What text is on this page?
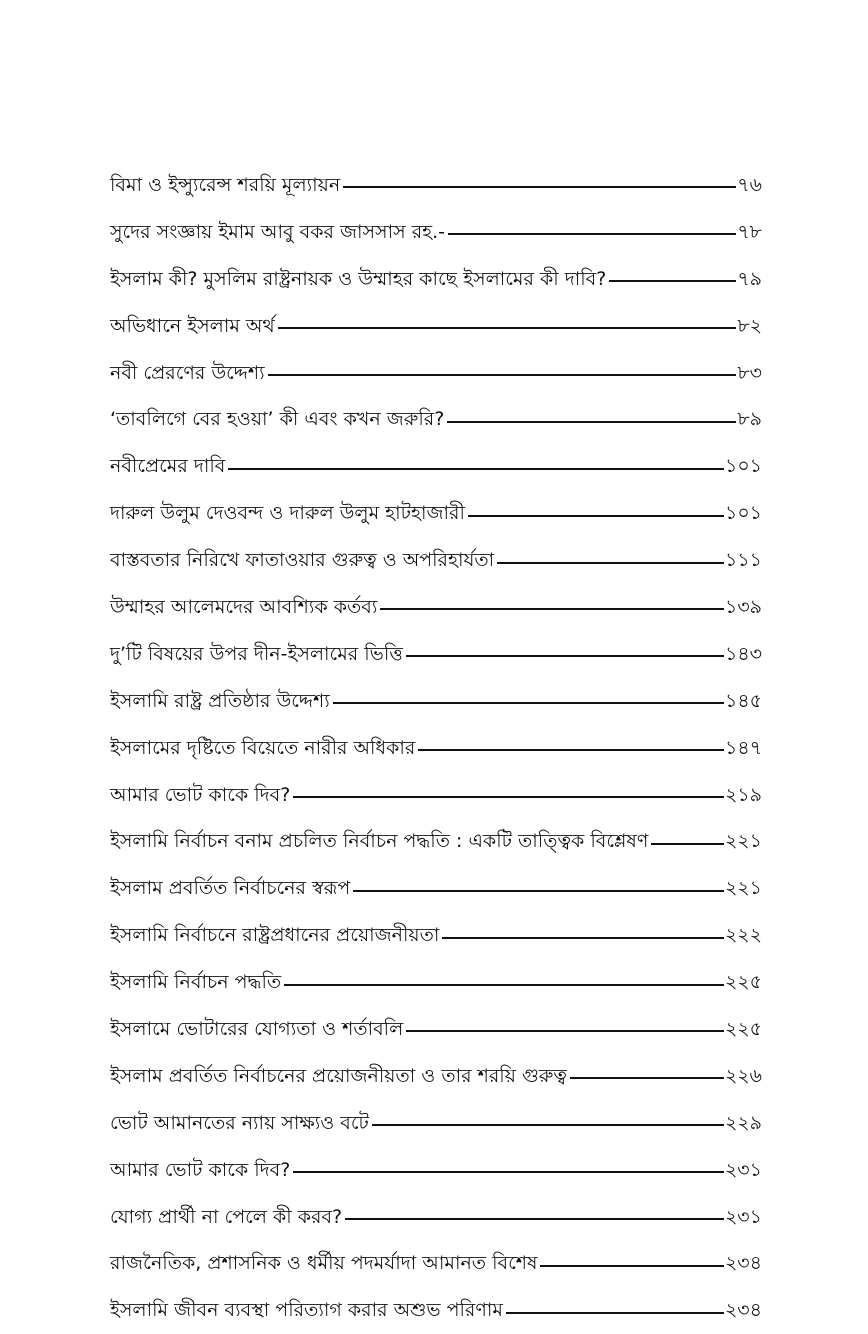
বিমা ও ইন্স্যুরেন্স শরয়ি মূল্যায়ন	৭৬
সুদের সংজ্ঞায় ইমাম আবু বকর জাসসাস রহ.-	৭৮
ইসলাম কী? মুসলিম রাষ্ট্রনায়ক ও উম্মাহর কাছে ইসলামের কী দাবি?	৭৯
অভিধানে ইসলাম অর্থ	৮২
নবী প্রেরণের উদ্দেশ্য	৮৩
‘তাবলিগে বের হওয়া’ কী এবং কখন জরুরি?	৮৯
নবীপ্রেমের দাবি	১০১
দারুল উলুম দেওবন্দ ও দারুল উলুম হাটহাজারী	১০১
বাস্তবতার নিরিখে ফাতাওয়ার গুরুত্ব ও অপরিহার্যতা	১১১
উম্মাহর আলেমদের আবশ্যিক কর্তব্য	১৩৯
দু’টি বিষয়ের উপর দীন-ইসলামের ভিত্তি	১৪৩
ইসলামি রাষ্ট্র প্রতিষ্ঠার উদ্দেশ্য	১৪৫
ইসলামের দৃষ্টিতে বিয়েতে নারীর অধিকার	১৪৭
আমার ভোট কাকে দিব?	২১৯
ইসলামি নির্বাচন বনাম প্রচলিত নির্বাচন পদ্ধতি : একটি তাত্ত্বিক বিশ্লেষণ	২২১
ইসলাম প্রবর্তিত নির্বাচনের স্বরূপ	২২১
ইসলামি নির্বাচনে রাষ্ট্রপ্রধানের প্রয়োজনীয়তা	২২২
ইসলামি নির্বাচন পদ্ধতি	২২৫
ইসলামে ভোটারের যোগ্যতা ও শর্তাবলি	২২৫
ইসলাম প্রবর্তিত নির্বাচনের প্রয়োজনীয়তা ও তার শরয়ি গুরুত্ব	২২৬
ভোট আমানতের ন্যায় সাক্ষ্যও বটে	২২৯
আমার ভোট কাকে দিব?	২৩১
যোগ্য প্রার্থী না পেলে কী করব?	২৩১
রাজনৈতিক, প্রশাসনিক ও ধর্মীয় পদমর্যাদা আমানত বিশেষ	২৩৪
ইসলামি জীবন ব্যবস্থা পরিত্যাগ করার অশুভ পরিণাম	২৩৪
